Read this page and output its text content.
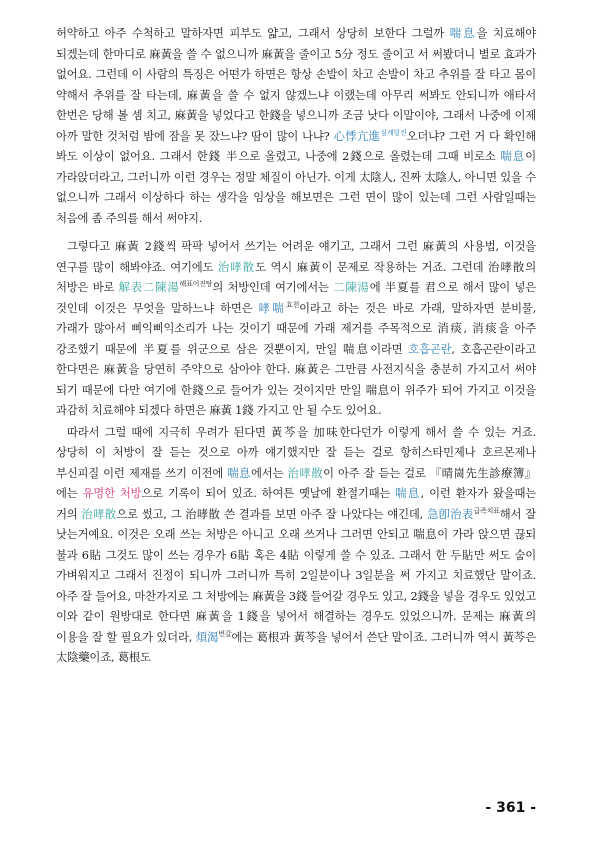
허약하고 아주 수척하고 말하자면 피부도 얇고, 그래서 상당히 보한다 그럴까 喘息을 치료해야 되겠는데 한마디로 麻黃을 쓸 수 없으니까 麻黃을 줄이고 5分 정도 줄이고 서 써봤더니 별로 효과가 없어요. 그런데 이 사람의 특징은 어떤가 하면은 항상 손발이 차고 손발이 차고 추위를 잘 타고 몸이 약해서 추위를 잘 타는데, 麻黃을 쓸 수 없지 않겠느냐 이랬는데 아무리 써봐도 안되니까 애타서 한번은 당해 볼 셈 치고, 麻黃을 넣었다고 한錢을 넣으니까 조금 낫다 이말이야, 그래서 나중에 이제 아까 말한 것처럼 밤에 잠을 못 잤느냐? 땀이 많이 나냐? 心悸亢進$^{심계항진}$오더냐? 그런 거 다 확인해 봐도 이상이 없어요. 그래서 한錢 半으로 올렸고, 나중에 2錢으로 올렸는데 그때 비로소 喘息이 가라앉더라고, 그러니까 이런 경우는 정말 체질이 아닌가. 이게 太陰人, 진짜 太陰人, 아니면 있을 수 없으니까 그래서 이상하다 하는 생각을 임상을 해보면은 그런 면이 많이 있는데 그런 사람일때는 처음에 좀 주의를 해서 써야지.

그렇다고 麻黃 2錢씩 팍팍 넣어서 쓰기는 어려운 얘기고, 그래서 그런 麻黃의 사용법, 이것을 연구를 많이 해봐야죠. 여기에도 治哮散도 역시 麻黃이 문제로 작용하는 거죠. 그런데 治哮散의 처방은 바로 解表二陳湯$^{해표이진탕}$의 처방인데 여기에서는 二陳湯에 半夏를 君으로 해서 많이 넣은 것인데 이것은 무엇을 말하느냐 하면은 哮喘$^{효천}$이라고 하는 것은 바로 가래, 말하자면 분비물, 가래가 많아서 삐익삐익소리가 나는 것이기 때문에 가래 제거를 주목적으로 消痰, 消痰을 아주 강조했기 때문에 半夏를 위군으로 삼은 것뿐이지, 만일 喘息이라면 호흡곤란, 호흡곤란이라고 한다면은 麻黃을 당연히 주약으로 삼아야 한다. 麻黃은 그만큼 사전지식을 충분히 가지고서 써야 되기 때문에 다만 여기에 한錢으로 들어가 있는 것이지만 만일 喘息이 위주가 되어 가지고 이것을 과감히 치료해야 되겠다 하면은 麻黃 1錢 가지고 안 될 수도 있어요.

따라서 그럴 때에 지극히 우려가 된다면 黃芩을 加味한다던가 이렇게 해서 쓸 수 있는 거죠. 상당히 이 처방이 잘 듣는 것으로 아까 얘기했지만 잘 듣는 걸로 항히스타민제나 호르몬제나 부신피질 이런 제재를 쓰기 이전에 喘息에서는 治哮散이 아주 잘 듣는 걸로 『晴崗先生診療簿』에는 유명한 처방으로 기록이 되어 있죠. 하여튼 옛날에 환절기때는 喘息, 이런 환자가 왔을때는 거의 治哮散으로 썼고, 그 治哮散 쓴 결과를 보면 아주 잘 나았다는 얘긴데, 急卽治表$^{급즉치표}$해서 잘 낫는거예요. 이것은 오래 쓰는 처방은 아니고 오래 쓰거나 그러면 안되고 喘息이 가라 앉으면 끊되 불과 6貼 그것도 많이 쓰는 경우가 6貼 혹은 4貼 이렇게 쓸 수 있죠. 그래서 한 두貼만 써도 숨이 가벼워지고 그래서 진정이 되니까 그러니까 특히 2일분이나 3일분을 써 가지고 치료했단 말이죠. 아주 잘 들어요, 마찬가지로 그 처방에는 麻黃을 3錢 들어갈 경우도 있고, 2錢을 넣을 경우도 있었고 이와 같이 원방대로 한다면 麻黃을 1錢을 넣어서 해결하는 경우도 있었으니까. 문제는 麻黃의 이용을 잘 할 필요가 있더라, 煩渴$^{번갈}$에는 葛根과 黃芩을 넣어서 쓴단 말이죠. 그러니까 역시 黃芩은 太陰藥이죠, 葛根도

- 361 -
